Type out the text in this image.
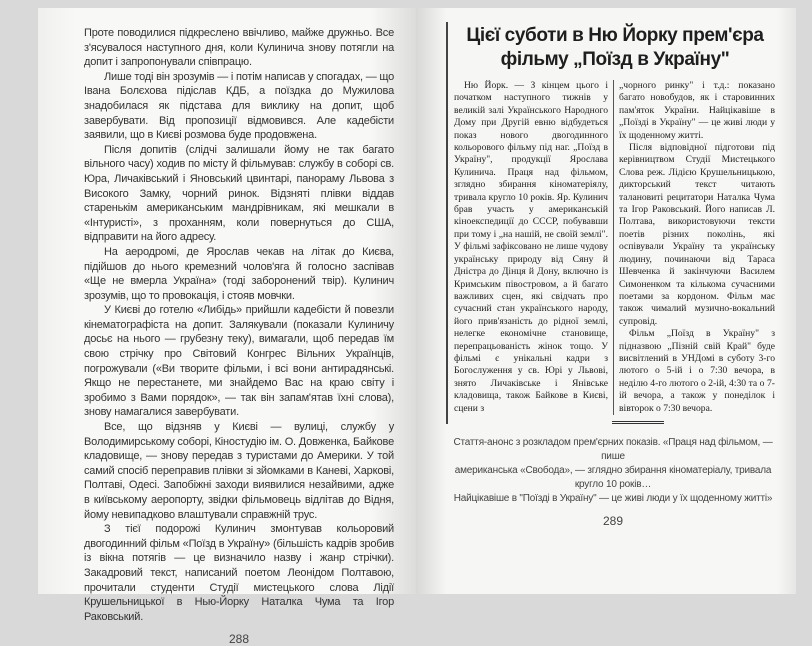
Проте поводилися підкреслено ввічливо, майже дружньо. Все з'ясувалося наступного дня, коли Кулинича знову потягли на допит і запропонували співпрацю.

Лише тоді він зрозумів — і потім написав у спогадах, — що Івана Болєхова підіслав КДБ, а поїздка до Мужилова знадобилася як підстава для виклику на допит, щоб завербувати. Від пропозиції відмовився. Але кадебісти заявили, що в Києві розмова буде продовжена.

Після допитів (слідчі залишали йому не так багато вільного часу) ходив по місту й фільмував: службу в соборі св. Юра, Личаківський і Яновський цвинтарі, панораму Львова з Високого Замку, чорний ринок. Відзняті плівки віддав старенькім американським мандрівникам, які мешкали в «Інтуристі», з проханням, коли повернуться до США, відправити на його адресу.

На аеродромі, де Ярослав чекав на літак до Києва, підійшов до нього кремезний чолов'яга й голосно заспівав «Ще не вмерла Україна» (тоді заборонений твір). Кулинич зрозумів, що то провокація, і стояв мовчки.

У Києві до готелю «Либідь» прийшли кадебісти й повезли кінематографіста на допит. Залякували (показали Кулиничу досьє на нього — грубезну теку), вимагали, щоб передав їм свою стрічку про Світовий Конгрес Вільних Українців, погрожували («Ви творите фільми, і всі вони антирадянські. Якщо не перестанете, ми знайдемо Вас на краю світу і зробимо з Вами порядок», — так він запам'ятав їхні слова), знову намагалися завербувати.

Все, що відзняв у Києві — вулиці, службу у Володимирському соборі, Кіностудію ім. О. Довженка, Байкове кладовище, — знову передав з туристами до Америки. У той самий спосіб переправив плівки зі зйомками в Каневі, Харкові, Полтаві, Одесі. Запобіжні заходи виявилися незайвими, адже в київському аеропорту, звідки фільмовець відлітав до Відня, йому невипадково влаштували справжній трус.

З тієї подорожі Кулинич змонтував кольоровий двогодинний фільм «Поїзд в Україну» (більшість кадрів зробив із вікна потягів — це визначило назву і жанр стрічки). Закадровий текст, написаний поетом Леонідом Полтавою, прочитали студенти Студії мистецького слова Лідії Крушельницької в Нью-Йорку Наталка Чума та Ігор Раковський.

288
Цієї суботи в Ню Йорку прем'єра фільму „Поїзд в Україну"

Ню Йорк. — З кінцем цього і початком наступного тижнів у великій залі Українського Народного Дому при Другій евню відбудеться показ нового двогодинного кольорового фільму під наг. „Поїзд в Україну", продукції Ярослава Кулинича. Праця над фільмом, зглядно збирання кіноматеріялу, тривала кругло 10 років. Яр. Кулинич брав участь у американській кіноекспедиції до СССР, побувавши при тому і „на нашій, не своїй землі". У фільмі зафіксовано не лише чудову українську природу від Сяну й Дністра до Дінця й Дону, включно із Кримським півостровом, а й багато важливих сцен, які свідчать про сучасний стан українського народу, його прив'язаність до рідної землі, нелегке економічне становище, перепрацьованість жінок тощо. У фільмі є унікальні кадри з Богослуження у св. Юрі у Львові, знято Личаківське і Янівське кладовища, також Байкове в Києві, сцени з

„чорного ринку" і т.д.: показано багато новобудов, як і старовинних пам'яток України. Найцікавіше в „Поїзді в Україну" — це живі люди у їх щоденному житті.

Після відповідної підготови під керівництвом Студії Мистецького Слова реж. Лідією Крушельницькою, дикторський текст читають талановиті рецитатори Наталка Чума та Ігор Раковський. Його написав Л. Полтава, використовуючи тексти поетів різних поколінь, які оспівували Україну та українську людину, починаючи від Тараса Шевченка й закінчуючи Василем Симоненком та кількома сучасними поетами за кордоном. Фільм має також чималий музично-вокальний супровід.

Фільм „Поїзд в Україну" з підназвою „Пізній свій Край" буде висвітлений в УНДомі в суботу 3-го лютого о 5-ій і о 7:30 вечора, в неділю 4-го лютого о 2-ій, 4:30 та о 7-ій вечора, а також у понеділок і вівторок о 7:30 вечора.

Стаття-анонс з розкладом прем'єрних показів. «Праця над фільмом, — пише
американська «Свобода», — зглядно збирання кіноматеріалу, тривала кругло 10 років…
Найцікавіше в "Поїзді в Україну" — це живі люди у їх щоденному житті»
289
